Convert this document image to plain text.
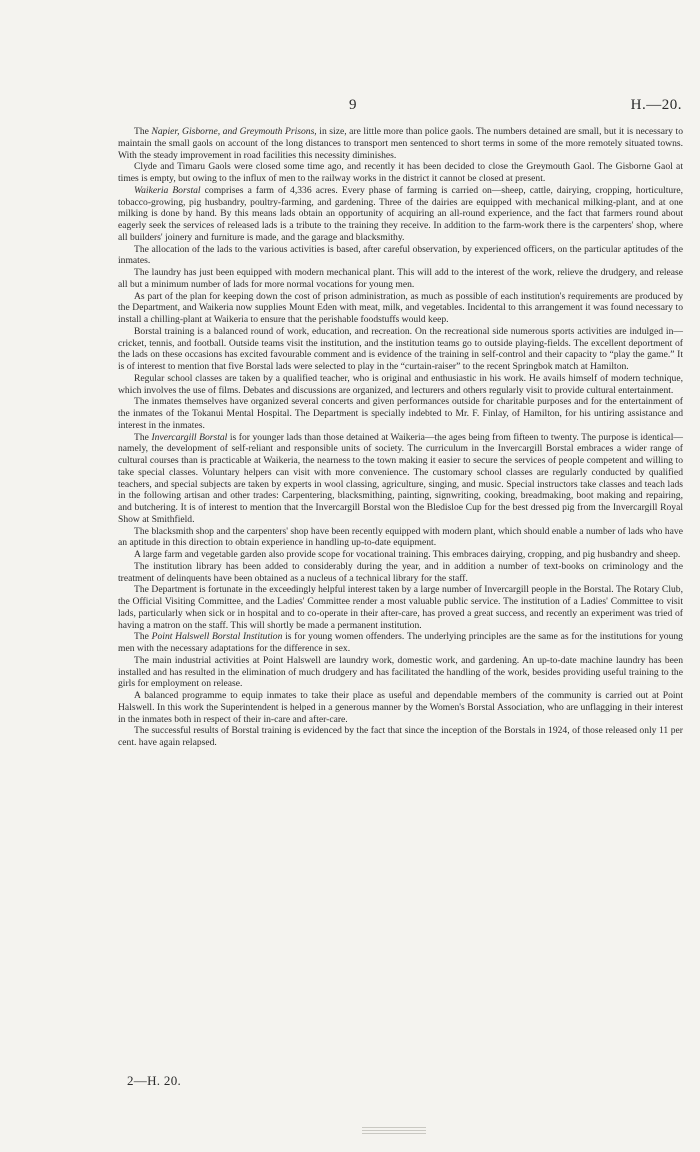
9	H.—20.

The Napier, Gisborne, and Greymouth Prisons, in size, are little more than police gaols. The numbers detained are small, but it is necessary to maintain the small gaols on account of the long distances to transport men sentenced to short terms in some of the more remotely situated towns. With the steady improvement in road facilities this necessity diminishes.

Clyde and Timaru Gaols were closed some time ago, and recently it has been decided to close the Greymouth Gaol. The Gisborne Gaol at times is empty, but owing to the influx of men to the railway works in the district it cannot be closed at present.

Waikeria Borstal comprises a farm of 4,336 acres. Every phase of farming is carried on—sheep, cattle, dairying, cropping, horticulture, tobacco-growing, pig husbandry, poultry-farming, and gardening. Three of the dairies are equipped with mechanical milking-plant, and at one milking is done by hand. By this means lads obtain an opportunity of acquiring an all-round experience, and the fact that farmers round about eagerly seek the services of released lads is a tribute to the training they receive. In addition to the farm-work there is the carpenters' shop, where all builders' joinery and furniture is made, and the garage and blacksmithy.

The allocation of the lads to the various activities is based, after careful observation, by experienced officers, on the particular aptitudes of the inmates.

The laundry has just been equipped with modern mechanical plant. This will add to the interest of the work, relieve the drudgery, and release all but a minimum number of lads for more normal vocations for young men.

As part of the plan for keeping down the cost of prison administration, as much as possible of each institution's requirements are produced by the Department, and Waikeria now supplies Mount Eden with meat, milk, and vegetables. Incidental to this arrangement it was found necessary to install a chilling-plant at Waikeria to ensure that the perishable foodstuffs would keep.

Borstal training is a balanced round of work, education, and recreation. On the recreational side numerous sports activities are indulged in—cricket, tennis, and football. Outside teams visit the institution, and the institution teams go to outside playing-fields. The excellent deportment of the lads on these occasions has excited favourable comment and is evidence of the training in self-control and their capacity to “play the game.” It is of interest to mention that five Borstal lads were selected to play in the “curtain-raiser” to the recent Springbok match at Hamilton.

Regular school classes are taken by a qualified teacher, who is original and enthusiastic in his work. He avails himself of modern technique, which involves the use of films. Debates and discussions are organized, and lecturers and others regularly visit to provide cultural entertainment.

The inmates themselves have organized several concerts and given performances outside for charitable purposes and for the entertainment of the inmates of the Tokanui Mental Hospital. The Department is specially indebted to Mr. F. Finlay, of Hamilton, for his untiring assistance and interest in the inmates.

The Invercargill Borstal is for younger lads than those detained at Waikeria—the ages being from fifteen to twenty. The purpose is identical—namely, the development of self-reliant and responsible units of society. The curriculum in the Invercargill Borstal embraces a wider range of cultural courses than is practicable at Waikeria, the nearness to the town making it easier to secure the services of people competent and willing to take special classes. Voluntary helpers can visit with more convenience. The customary school classes are regularly conducted by qualified teachers, and special subjects are taken by experts in wool classing, agriculture, singing, and music. Special instructors take classes and teach lads in the following artisan and other trades: Carpentering, blacksmithing, painting, signwriting, cooking, breadmaking, boot making and repairing, and butchering. It is of interest to mention that the Invercargill Borstal won the Bledisloe Cup for the best dressed pig from the Invercargill Royal Show at Smithfield.

The blacksmith shop and the carpenters' shop have been recently equipped with modern plant, which should enable a number of lads who have an aptitude in this direction to obtain experience in handling up-to-date equipment.

A large farm and vegetable garden also provide scope for vocational training. This embraces dairying, cropping, and pig husbandry and sheep.

The institution library has been added to considerably during the year, and in addition a number of text-books on criminology and the treatment of delinquents have been obtained as a nucleus of a technical library for the staff.

The Department is fortunate in the exceedingly helpful interest taken by a large number of Invercargill people in the Borstal. The Rotary Club, the Official Visiting Committee, and the Ladies' Committee render a most valuable public service. The institution of a Ladies' Committee to visit lads, particularly when sick or in hospital and to co-operate in their after-care, has proved a great success, and recently an experiment was tried of having a matron on the staff. This will shortly be made a permanent institution.

The Point Halswell Borstal Institution is for young women offenders. The underlying principles are the same as for the institutions for young men with the necessary adaptations for the difference in sex.

The main industrial activities at Point Halswell are laundry work, domestic work, and gardening. An up-to-date machine laundry has been installed and has resulted in the elimination of much drudgery and has facilitated the handling of the work, besides providing useful training to the girls for employment on release.

A balanced programme to equip inmates to take their place as useful and dependable members of the community is carried out at Point Halswell. In this work the Superintendent is helped in a generous manner by the Women's Borstal Association, who are unflagging in their interest in the inmates both in respect of their in-care and after-care.

The successful results of Borstal training is evidenced by the fact that since the inception of the Borstals in 1924, of those released only 11 per cent. have again relapsed.

2—H. 20.
